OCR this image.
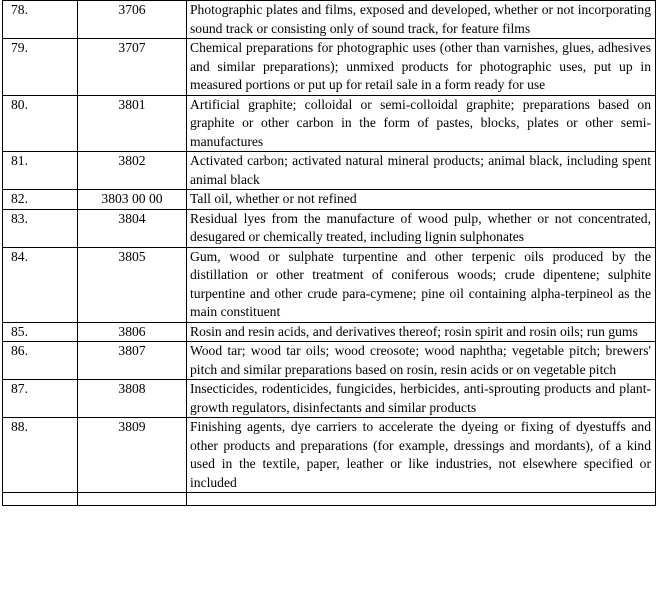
78.	3706	Photographic plates and films, exposed and developed, whether or not incorporating sound track or consisting only of sound track, for feature films
79.	3707	Chemical preparations for photographic uses (other than varnishes, glues, adhesives and similar preparations); unmixed products for photographic uses, put up in measured portions or put up for retail sale in a form ready for use
80.	3801	Artificial graphite; colloidal or semi-colloidal graphite; preparations based on graphite or other carbon in the form of pastes, blocks, plates or other semi-manufactures
81.	3802	Activated carbon; activated natural mineral products; animal black, including spent animal black
82.	3803 00 00	Tall oil, whether or not refined
83.	3804	Residual lyes from the manufacture of wood pulp, whether or not concentrated, desugared or chemically treated, including lignin sulphonates
84.	3805	Gum, wood or sulphate turpentine and other terpenic oils produced by the distillation or other treatment of coniferous woods; crude dipentene; sulphite turpentine and other crude para-cymene; pine oil containing alpha-terpineol as the main constituent
85.	3806	Rosin and resin acids, and derivatives thereof; rosin spirit and rosin oils; run gums
86.	3807	Wood tar; wood tar oils; wood creosote; wood naphtha; vegetable pitch; brewers' pitch and similar preparations based on rosin, resin acids or on vegetable pitch
87.	3808	Insecticides, rodenticides, fungicides, herbicides, anti-sprouting products and plant-growth regulators, disinfectants and similar products
88.	3809	Finishing agents, dye carriers to accelerate the dyeing or fixing of dyestuffs and other products and preparations (for example, dressings and mordants), of a kind used in the textile, paper, leather or like industries, not elsewhere specified or included
